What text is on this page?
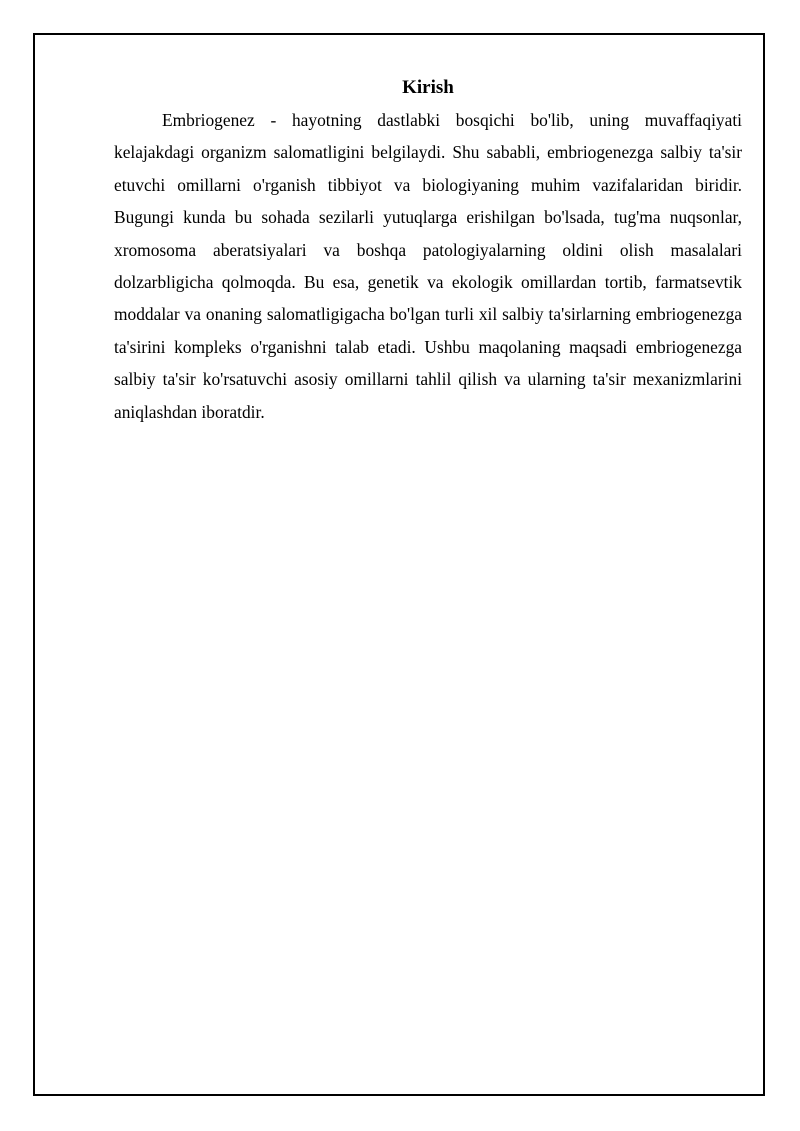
Kirish

Embriogenez - hayotning dastlabki bosqichi bo'lib, uning muvaffaqiyati kelajakdagi organizm salomatligini belgilaydi. Shu sababli, embriogenezga salbiy ta'sir etuvchi omillarni o'rganish tibbiyot va biologiyaning muhim vazifalaridan biridir. Bugungi kunda bu sohada sezilarli yutuqlarga erishilgan bo'lsada, tug'ma nuqsonlar, xromosoma aberatsiyalari va boshqa patologiyalarning oldini olish masalalari dolzarbligicha qolmoqda. Bu esa, genetik va ekologik omillardan tortib, farmatsevtik moddalar va onaning salomatligigacha bo'lgan turli xil salbiy ta'sirlarning embriogenezga ta'sirini kompleks o'rganishni talab etadi. Ushbu maqolaning maqsadi embriogenezga salbiy ta'sir ko'rsatuvchi asosiy omillarni tahlil qilish va ularning ta'sir mexanizmlarini aniqlashdan iboratdir.
